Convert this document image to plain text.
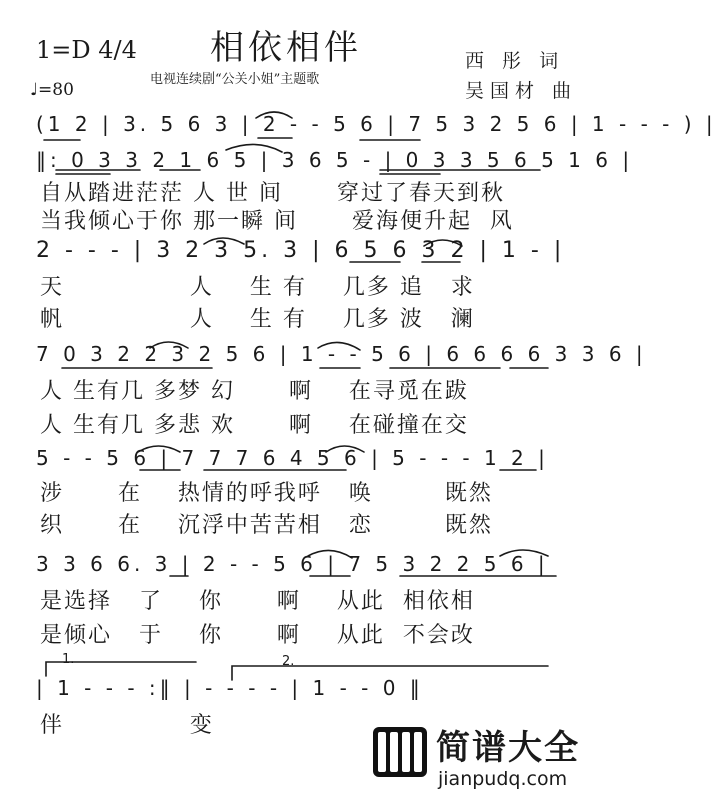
相依相伴
电视连续剧“公关小姐”主题歌
1=D 4/4
♩=80
西 彤 词
吴国材 曲
(1 2 | 3. 5 6 3 | 2 - - 5 6 | 7 5 3 2 5 6 | 1 - - - ) |
‖: 0 3 3 2 1 6 5 | 3 6 5 - | 0 3 3 5 6 5 1 6 |
自从踏进茫茫 人 世 间      穿过了春天到秋
当我倾心于你 那一瞬 间      爱海便升起  风
2 - - - | 3 2 3 5. 3 | 6 5 6 3 2 | 1 - |
天              人    生 有    几多 追   求
帆              人    生 有    几多 波   澜
7 0 3 2 2 3 2 5 6 | 1 - - 5 6 | 6 6 6 6 3 3 6 |
人 生有几 多梦 幻      啊    在寻觅在跋
人 生有几 多悲 欢      啊    在碰撞在交
5 - - 5 6 | 7 7 7 6 4 5 6 | 5 - - - 1 2 |
涉      在    热情的呼我呼   唤        既然
织      在    沉浮中苦苦相   恋        既然
3 3 6 6. 3 | 2 - - 5 6 | 7 5 3 2 2 5 6 |
是选择   了    你      啊    从此  相依相
是倾心   于    你      啊    从此  不会改
1.	2.
| 1 - - - :‖ | - - - - | 1 - - 0 ‖
伴              变
简谱大全
jianpudq.com
